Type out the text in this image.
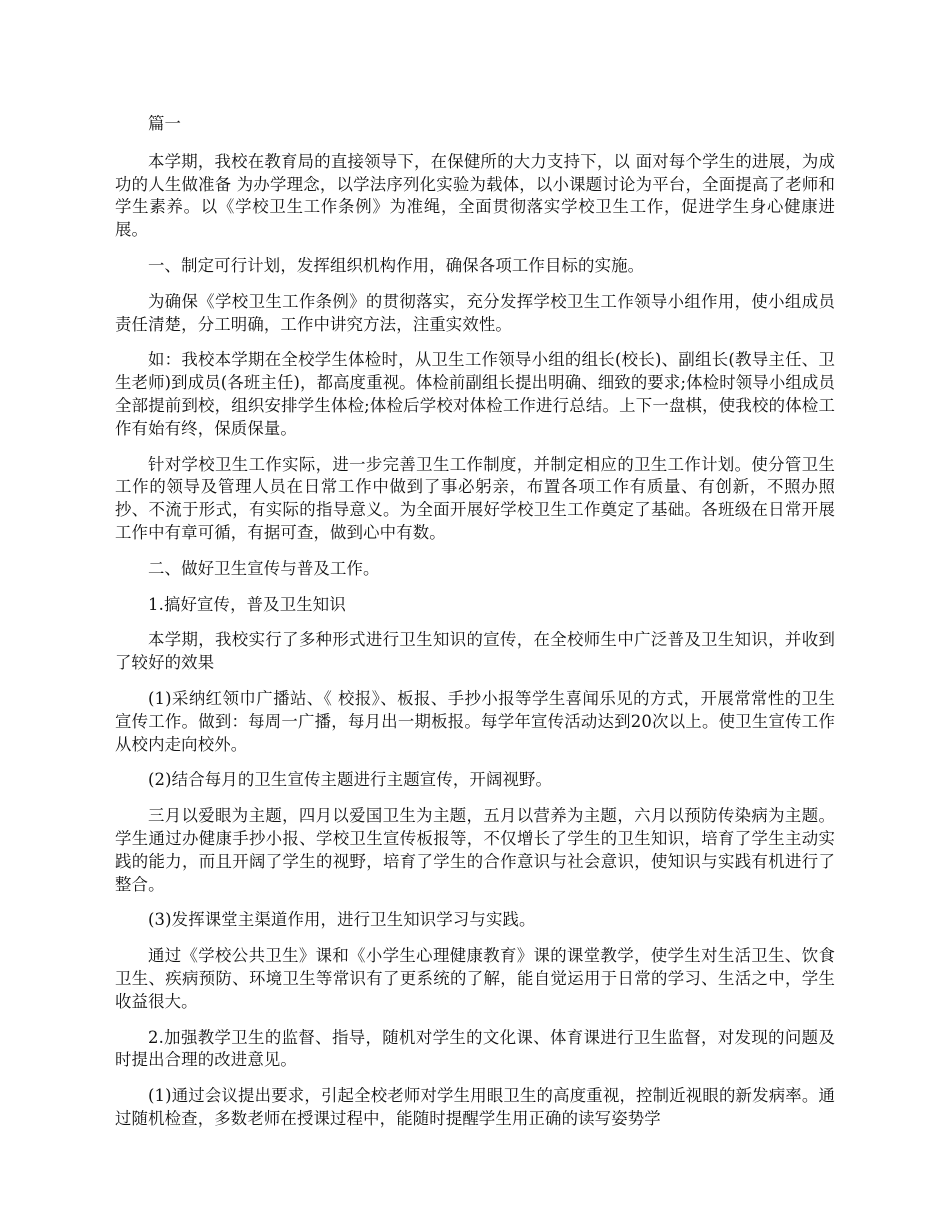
篇一

本学期，我校在教育局的直接领导下，在保健所的大力支持下，以 面对每个学生的进展，为成功的人生做准备 为办学理念，以学法序列化实验为载体，以小课题讨论为平台，全面提高了老师和学生素养。以《学校卫生工作条例》为准绳，全面贯彻落实学校卫生工作，促进学生身心健康进展。

一、制定可行计划，发挥组织机构作用，确保各项工作目标的实施。

为确保《学校卫生工作条例》的贯彻落实，充分发挥学校卫生工作领导小组作用，使小组成员责任清楚，分工明确，工作中讲究方法，注重实效性。

如：我校本学期在全校学生体检时，从卫生工作领导小组的组长(校长)、副组长(教导主任、卫生老师)到成员(各班主任)，都高度重视。体检前副组长提出明确、细致的要求;体检时领导小组成员全部提前到校，组织安排学生体检;体检后学校对体检工作进行总结。上下一盘棋，使我校的体检工作有始有终，保质保量。

针对学校卫生工作实际，进一步完善卫生工作制度，并制定相应的卫生工作计划。使分管卫生工作的领导及管理人员在日常工作中做到了事必躬亲，布置各项工作有质量、有创新，不照办照抄、不流于形式，有实际的指导意义。为全面开展好学校卫生工作奠定了基础。各班级在日常开展工作中有章可循，有据可查，做到心中有数。

二、做好卫生宣传与普及工作。

1.搞好宣传，普及卫生知识

本学期，我校实行了多种形式进行卫生知识的宣传，在全校师生中广泛普及卫生知识，并收到了较好的效果

(1)采纳红领巾广播站、《 校报》、板报、手抄小报等学生喜闻乐见的方式，开展常常性的卫生宣传工作。做到：每周一广播，每月出一期板报。每学年宣传活动达到20次以上。使卫生宣传工作从校内走向校外。

(2)结合每月的卫生宣传主题进行主题宣传，开阔视野。

三月以爱眼为主题，四月以爱国卫生为主题，五月以营养为主题，六月以预防传染病为主题。学生通过办健康手抄小报、学校卫生宣传板报等，不仅增长了学生的卫生知识，培育了学生主动实践的能力，而且开阔了学生的视野，培育了学生的合作意识与社会意识，使知识与实践有机进行了整合。

(3)发挥课堂主渠道作用，进行卫生知识学习与实践。

通过《学校公共卫生》课和《小学生心理健康教育》课的课堂教学，使学生对生活卫生、饮食卫生、疾病预防、环境卫生等常识有了更系统的了解，能自觉运用于日常的学习、生活之中，学生收益很大。

2.加强教学卫生的监督、指导，随机对学生的文化课、体育课进行卫生监督，对发现的问题及时提出合理的改进意见。

(1)通过会议提出要求，引起全校老师对学生用眼卫生的高度重视，控制近视眼的新发病率。通过随机检查，多数老师在授课过程中，能随时提醒学生用正确的读写姿势学
